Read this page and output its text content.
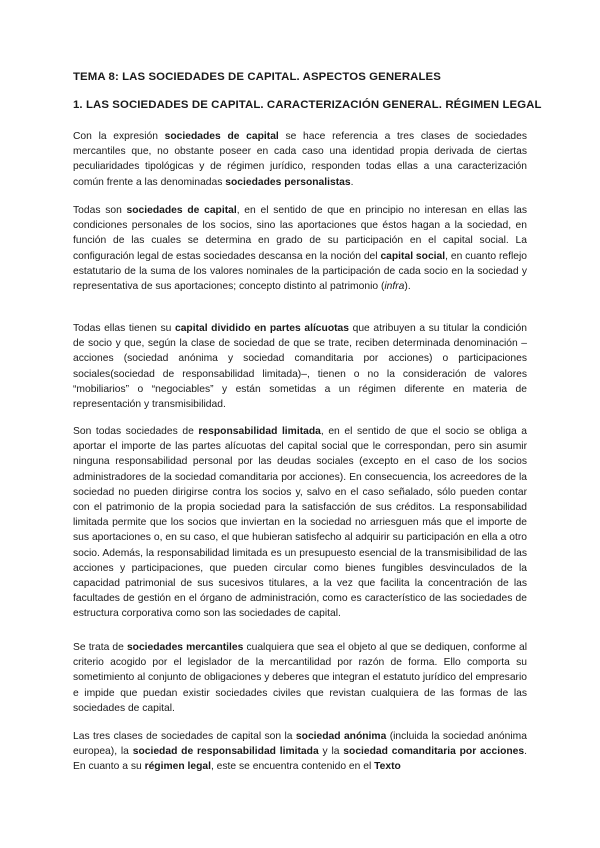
TEMA 8: LAS SOCIEDADES DE CAPITAL. ASPECTOS GENERALES
1. LAS SOCIEDADES DE CAPITAL. CARACTERIZACIÓN GENERAL. RÉGIMEN LEGAL

Con la expresión sociedades de capital se hace referencia a tres clases de sociedades mercantiles que, no obstante poseer en cada caso una identidad propia derivada de ciertas peculiaridades tipológicas y de régimen jurídico, responden todas ellas a una caracterización común frente a las denominadas sociedades personalistas.

Todas son sociedades de capital, en el sentido de que en principio no interesan en ellas las condiciones personales de los socios, sino las aportaciones que éstos hagan a la sociedad, en función de las cuales se determina en grado de su participación en el capital social. La configuración legal de estas sociedades descansa en la noción del capital social, en cuanto reflejo estatutario de la suma de los valores nominales de la participación de cada socio en la sociedad y representativa de sus aportaciones; concepto distinto al patrimonio (infra).

Todas ellas tienen su capital dividido en partes alícuotas que atribuyen a su titular la condición de socio y que, según la clase de sociedad de que se trate, reciben determinada denominación –acciones (sociedad anónima y sociedad comanditaria por acciones) o participaciones sociales(sociedad de responsabilidad limitada)–, tienen o no la consideración de valores “mobiliarios” o “negociables” y están sometidas a un régimen diferente en materia de representación y transmisibilidad.

Son todas sociedades de responsabilidad limitada, en el sentido de que el socio se obliga a aportar el importe de las partes alícuotas del capital social que le correspondan, pero sin asumir ninguna responsabilidad personal por las deudas sociales (excepto en el caso de los socios administradores de la sociedad comanditaria por acciones). En consecuencia, los acreedores de la sociedad no pueden dirigirse contra los socios y, salvo en el caso señalado, sólo pueden contar con el patrimonio de la propia sociedad para la satisfacción de sus créditos. La responsabilidad limitada permite que los socios que inviertan en la sociedad no arriesguen más que el importe de sus aportaciones o, en su caso, el que hubieran satisfecho al adquirir su participación en ella a otro socio. Además, la responsabilidad limitada es un presupuesto esencial de la transmisibilidad de las acciones y participaciones, que pueden circular como bienes fungibles desvinculados de la capacidad patrimonial de sus sucesivos titulares, a la vez que facilita la concentración de las facultades de gestión en el órgano de administración, como es característico de las sociedades de estructura corporativa como son las sociedades de capital.

Se trata de sociedades mercantiles cualquiera que sea el objeto al que se dediquen, conforme al criterio acogido por el legislador de la mercantilidad por razón de forma. Ello comporta su sometimiento al conjunto de obligaciones y deberes que integran el estatuto jurídico del empresario e impide que puedan existir sociedades civiles que revistan cualquiera de las formas de las sociedades de capital.

Las tres clases de sociedades de capital son la sociedad anónima (incluida la sociedad anónima europea), la sociedad de responsabilidad limitada y la sociedad comanditaria por acciones. En cuanto a su régimen legal, este se encuentra contenido en el Texto
